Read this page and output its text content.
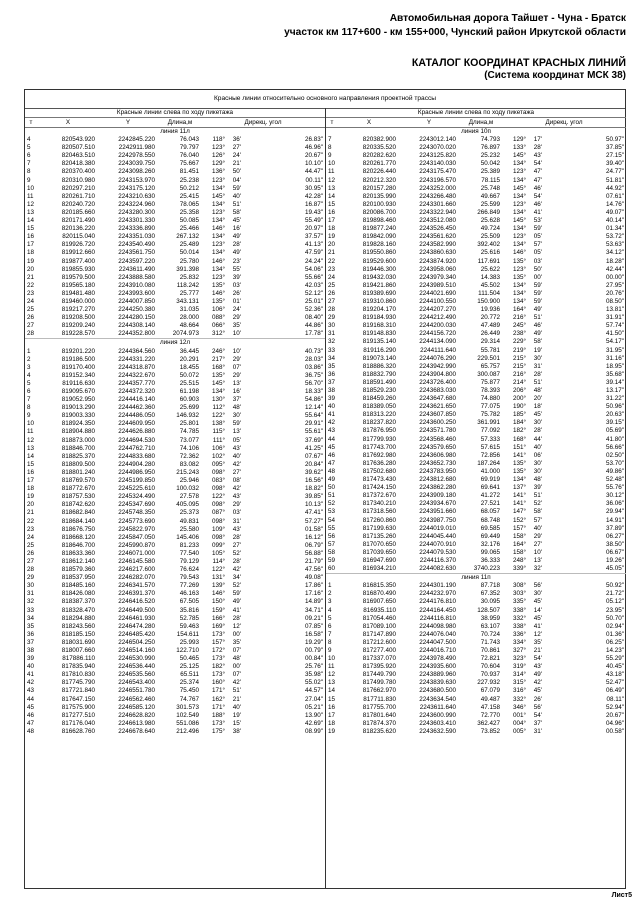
Автомобильная дорога Тайшет - Чуна - Братск
участок км 117+600 - км 155+000, Чунский район Иркутской области
КАТАЛОГ КООРДИНАТ КРАСНЫХ ЛИНИЙ
(Система координат МСК 38)
Красные линии относительно основного направления проектной трассы
Красные линии слева по ходу пикетажа
т	X	Y	Длина,м	Дирекц. угол
линия 11л
4	820543.920	2242845.220	76.043	118°	36'	26.83"
5	820507.510	2242911.980	79.797	123°	27'	46.96"
6	820463.510	2242978.550	76.040	126°	24'	20.67"
7	820418.380	2243039.750	75.667	129°	21'	10.10"
8	820370.400	2243098.260	81.451	136°	50'	44.47"
9	820310.980	2243153.970	25.238	123°	04'	00.11"
10	820297.210	2243175.120	50.212	134°	59'	30.95"
11	820261.710	2243210.630	25.415	145°	40'	42.28"
12	820240.720	2243224.960	78.065	134°	51'	16.87"
13	820185.660	2243280.300	25.358	123°	58'	19.43"
14	820171.490	2243301.330	50.085	134°	45'	55.49"
15	820136.220	2243336.890	25.466	146°	16'	20.97"
16	820115.040	2243351.030	267.132	134°	49'	37.57"
17	819926.720	2243540.490	25.489	123°	28'	41.13"
18	819912.660	2243561.750	50.014	134°	49'	47.59"
19	819877.400	2243597.220	25.780	146°	23'	24.24"
20	819855.930	2243611.490	391.398	134°	55'	54.06"
21	819579.500	2243888.580	25.832	123°	39'	55.66"
22	819565.180	2243910.080	118.242	135°	03'	42.03"
23	819481.480	2243993.600	25.777	146°	26'	52.12"
24	819460.000	2244007.850	343.131	135°	01'	25.01"
25	819217.270	2244250.380	31.035	106°	24'	52.36"
26	819208.500	2244280.150	28.000	088°	29'	08.40"
27	819209.240	2244308.140	48.664	066°	35'	44.86"
28	819228.570	2244352.800	2074.973	312°	10'	17.78"
линия 12л
1	819201.220	2244364.560	36.445	246°	10'	40.73"
2	819186.500	2244331.220	20.291	217°	29'	28.03"
3	819170.400	2244318.870	18.455	168°	07'	03.86"
4	819152.340	2244322.670	50.072	135°	29'	36.75"
5	819116.630	2244357.770	25.515	145°	13'	56.70"
6	819095.670	2244372.320	61.198	134°	16'	18.33"
7	819052.950	2244416.140	60.903	130°	37'	54.86"
8	819013.290	2244462.360	25.699	112°	48'	12.14"
9	819003.330	2244486.050	146.932	122°	30'	55.64"
10	818924.350	2244609.950	25.801	138°	59'	29.91"
11	818904.880	2244626.880	74.785	115°	13'	55.61"
12	818873.000	2244694.530	73.077	111°	05'	37.69"
13	818846.700	2244762.710	74.106	106°	43'	41.25"
14	818825.370	2244833.680	72.362	102°	40'	07.67"
15	818809.500	2244904.280	83.082	095°	42'	20.84"
16	818801.240	2244986.950	215.243	098°	27'	39.62"
17	818769.570	2245199.850	25.946	083°	08'	16.56"
18	818772.670	2245225.610	100.032	098°	42'	18.82"
19	818757.530	2245324.490	27.578	122°	43'	39.85"
20	818742.620	2245347.690	405.095	098°	29'	10.13"
21	818682.840	2245748.350	25.373	087°	03'	47.41"
22	818684.140	2245773.690	49.831	098°	31'	57.27"
23	818676.750	2245822.970	25.580	109°	43'	01.58"
24	818668.120	2245847.050	145.406	098°	28'	16.12"
25	818646.700	2245990.870	81.233	099°	27'	06.79"
26	818633.360	2246071.000	77.540	105°	52'	56.88"
27	818612.140	2246145.580	79.129	114°	28'	21.79"
28	818579.360	2246217.600	76.624	122°	42'	47.56"
29	818537.950	2246282.070	79.543	131°	34'	49.08"
30	818485.160	2246341.570	77.269	139°	52'	17.86"
31	818426.080	2246391.370	46.163	146°	59'	17.16"
32	818387.370	2246416.520	67.505	150°	49'	14.89"
33	818328.470	2246449.500	35.816	159°	41'	34.71"
34	818294.880	2246461.930	52.785	166°	28'	09.21"
35	818243.560	2246474.280	59.463	169°	12'	07.85"
36	818185.150	2246485.420	154.611	173°	00'	16.58"
37	818031.690	2246504.250	25.993	157°	35'	19.29"
38	818007.660	2246514.160	122.710	172°	07'	00.79"
39	817886.110	2246530.990	50.465	173°	48'	00.84"
40	817835.940	2246536.440	25.125	182°	00'	25.76"
41	817810.830	2246535.560	65.511	173°	07'	35.98"
42	817745.790	2246543.400	25.374	160°	42'	55.02"
43	817721.840	2246551.780	75.450	171°	51'	44.57"
44	817647.150	2246562.460	74.767	162°	21'	27.04"
45	817575.900	2246585.120	301.573	171°	40'	05.21"
46	817277.510	2246628.820	102.549	188°	19'	13.90"
47	817176.040	2246613.980	551.086	173°	15'	42.69"
48	816628.760	2246678.640	212.496	175°	38'	08.99"
Красные линии слева по ходу пикетажа
т	X	Y	Длина,м	Дирекц. угол
линия 10п
7	820382.900	2243012.140	74.793	129°	17'	50.97"
8	820335.520	2243070.020	76.897	133°	28'	37.85"
9	820282.620	2243125.820	25.232	145°	43'	27.15"
10	820261.770	2243140.030	50.042	134°	54'	39.40"
11	820226.440	2243175.470	25.389	123°	47'	24.77"
12	820212.320	2243196.570	78.115	134°	47'	51.81"
13	820157.280	2243252.000	25.748	145°	46'	44.92"
14	820135.990	2243266.480	49.667	134°	54'	07.61"
15	820100.930	2243301.660	25.599	123°	46'	14.76"
16	820086.700	2243322.940	266.849	134°	41'	49.07"
17	819898.460	2243512.080	25.628	145°	53'	40.14"
18	819877.240	2243526.450	49.724	134°	59'	01.34"
19	819842.090	2243561.620	25.509	123°	05'	53.72"
20	819828.160	2243582.990	392.402	134°	57'	53.63"
21	819550.860	2243860.630	25.616	146°	05'	34.12"
22	819529.600	2243874.920	117.691	135°	03'	18.28"
23	819446.300	2243958.060	25.622	123°	50'	42.44"
24	819432.030	2243979.340	14.383	135°	00'	00.00"
25	819421.860	2243989.510	45.502	134°	59'	27.95"
26	819389.690	2244021.690	111.504	134°	59'	20.76"
27	819310.860	2244100.550	150.900	134°	59'	08.50"
28	819204.170	2244207.270	19.936	164°	49'	13.81"
29	819184.930	2244212.490	20.772	216°	51'	31.91"
30	819168.310	2244200.030	47.489	245°	46'	57.74"
31	819148.830	2244156.720	26.449	238°	49'	41.50"
32	819135.140	2244134.090	29.314	229°	58'	54.17"
33	819116.290	2244111.640	55.781	219°	19'	31.95"
34	819073.140	2244076.290	229.501	215°	30'	31.16"
35	818886.320	2243942.990	65.757	215°	31'	18.95"
36	818832.790	2243904.800	300.087	216°	28'	35.68"
37	818591.490	2243726.400	75.877	214°	51'	39.14"
38	818529.230	2243683.030	78.393	206°	48'	13.17"
39	818459.260	2243647.680	74.880	200°	20'	31.22"
40	818389.050	2243621.650	77.075	190°	18'	50.96"
41	818313.220	2243607.850	75.782	185°	45'	20.63"
42	818237.820	2243600.250	361.991	184°	30'	39.15"
43	817876.950	2243571.780	77.092	182°	28'	05.69"
44	817799.930	2243568.460	57.333	168°	44'	41.80"
45	817743.700	2243579.650	57.615	151°	40'	56.66"
46	817692.980	2243606.980	72.856	141°	06'	02.50"
47	817636.280	2243652.730	187.264	135°	30'	53.70"
48	817502.680	2243783.950	41.000	135°	30'	49.86"
49	817473.430	2243812.680	69.919	134°	48'	52.48"
50	817424.150	2243862.280	69.641	137°	39'	55.76"
51	817372.670	2243909.180	41.272	141°	51'	30.12"
52	817340.210	2243934.670	27.521	141°	52'	36.06"
53	817318.560	2243951.660	68.057	147°	58'	29.94"
54	817260.860	2243987.750	68.748	152°	57'	14.91"
55	817199.630	2244019.010	69.585	157°	40'	37.89"
56	817135.260	2244045.440	69.449	158°	29'	06.27"
57	817070.650	2244070.910	32.176	164°	27'	38.50"
58	817039.650	2244079.530	99.065	158°	10'	06.67"
59	816947.690	2244116.370	36.333	248°	13'	19.26"
60	816934.210	2244082.630	3740.223	339°	32'	45.05"
линия 11п
1	816815.350	2244301.190	87.718	308°	56'	50.92"
2	816870.490	2244232.970	67.352	303°	30'	21.72"
3	816907.650	2244176.810	30.095	335°	45'	05.12"
4	816935.110	2244164.450	128.507	338°	14'	23.95"
5	817054.460	2244116.810	38.959	332°	45'	50.70"
6	817089.100	2244098.980	63.107	338°	41'	02.94"
7	817147.890	2244076.040	70.724	336°	12'	01.36"
8	817212.600	2244047.500	71.743	334°	35'	06.25"
9	817277.400	2244016.710	70.861	327°	21'	14.23"
10	817337.070	2243978.490	72.821	323°	54'	55.29"
11	817395.920	2243935.600	70.604	319°	43'	40.45"
12	817449.790	2243889.960	70.937	314°	49'	43.18"
13	817499.780	2243839.630	227.932	315°	42'	52.47"
14	817662.970	2243680.500	67.079	316°	45'	06.49"
15	817711.830	2243634.540	49.487	332°	26'	08.11"
16	817755.700	2243611.640	47.158	346°	56'	52.94"
17	817801.640	2243600.990	72.770	001°	54'	20.67"
18	817874.370	2243603.410	362.427	004°	37'	04.96"
19	818235.620	2243632.590	73.852	005°	31'	00.58"
Лист5
